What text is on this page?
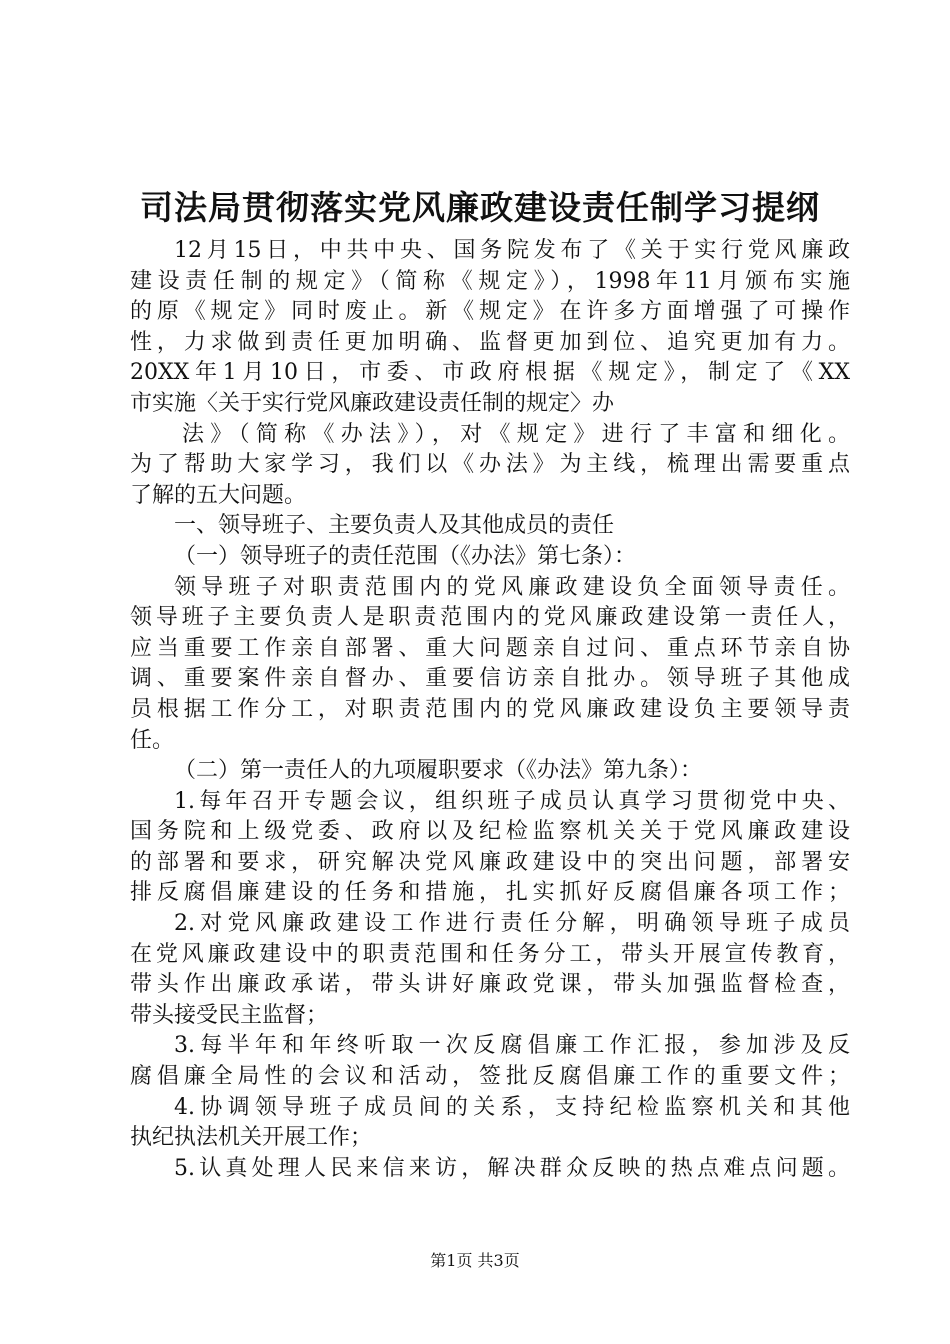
司法局贯彻落实党风廉政建设责任制学习提纲
12月15日，中共中央、国务院发布了《关于实行党风廉政
建设责任制的规定》（简称《规定》），1998年11月颁布实施
的原《规定》同时废止。新《规定》在许多方面增强了可操作
性，力求做到责任更加明确、监督更加到位、追究更加有力。
20XX年1月10日，市委、市政府根据《规定》，制定了《XX
市实施〈关于实行党风廉政建设责任制的规定〉办
法》（简称《办法》），对《规定》进行了丰富和细化。
为了帮助大家学习，我们以《办法》为主线，梳理出需要重点
了解的五大问题。
一、领导班子、主要负责人及其他成员的责任
（一）领导班子的责任范围（《办法》第七条）：
领导班子对职责范围内的党风廉政建设负全面领导责任。
领导班子主要负责人是职责范围内的党风廉政建设第一责任人，
应当重要工作亲自部署、重大问题亲自过问、重点环节亲自协
调、重要案件亲自督办、重要信访亲自批办。领导班子其他成
员根据工作分工，对职责范围内的党风廉政建设负主要领导责
任。
（二）第一责任人的九项履职要求（《办法》第九条）：
1.每年召开专题会议，组织班子成员认真学习贯彻党中央、
国务院和上级党委、政府以及纪检监察机关关于党风廉政建设
的部署和要求，研究解决党风廉政建设中的突出问题，部署安
排反腐倡廉建设的任务和措施，扎实抓好反腐倡廉各项工作；
2.对党风廉政建设工作进行责任分解，明确领导班子成员
在党风廉政建设中的职责范围和任务分工，带头开展宣传教育，
带头作出廉政承诺，带头讲好廉政党课，带头加强监督检查，
带头接受民主监督；
3.每半年和年终听取一次反腐倡廉工作汇报，参加涉及反
腐倡廉全局性的会议和活动，签批反腐倡廉工作的重要文件；
4.协调领导班子成员间的关系，支持纪检监察机关和其他
执纪执法机关开展工作；
5.认真处理人民来信来访，解决群众反映的热点难点问题。
第1页 共3页
